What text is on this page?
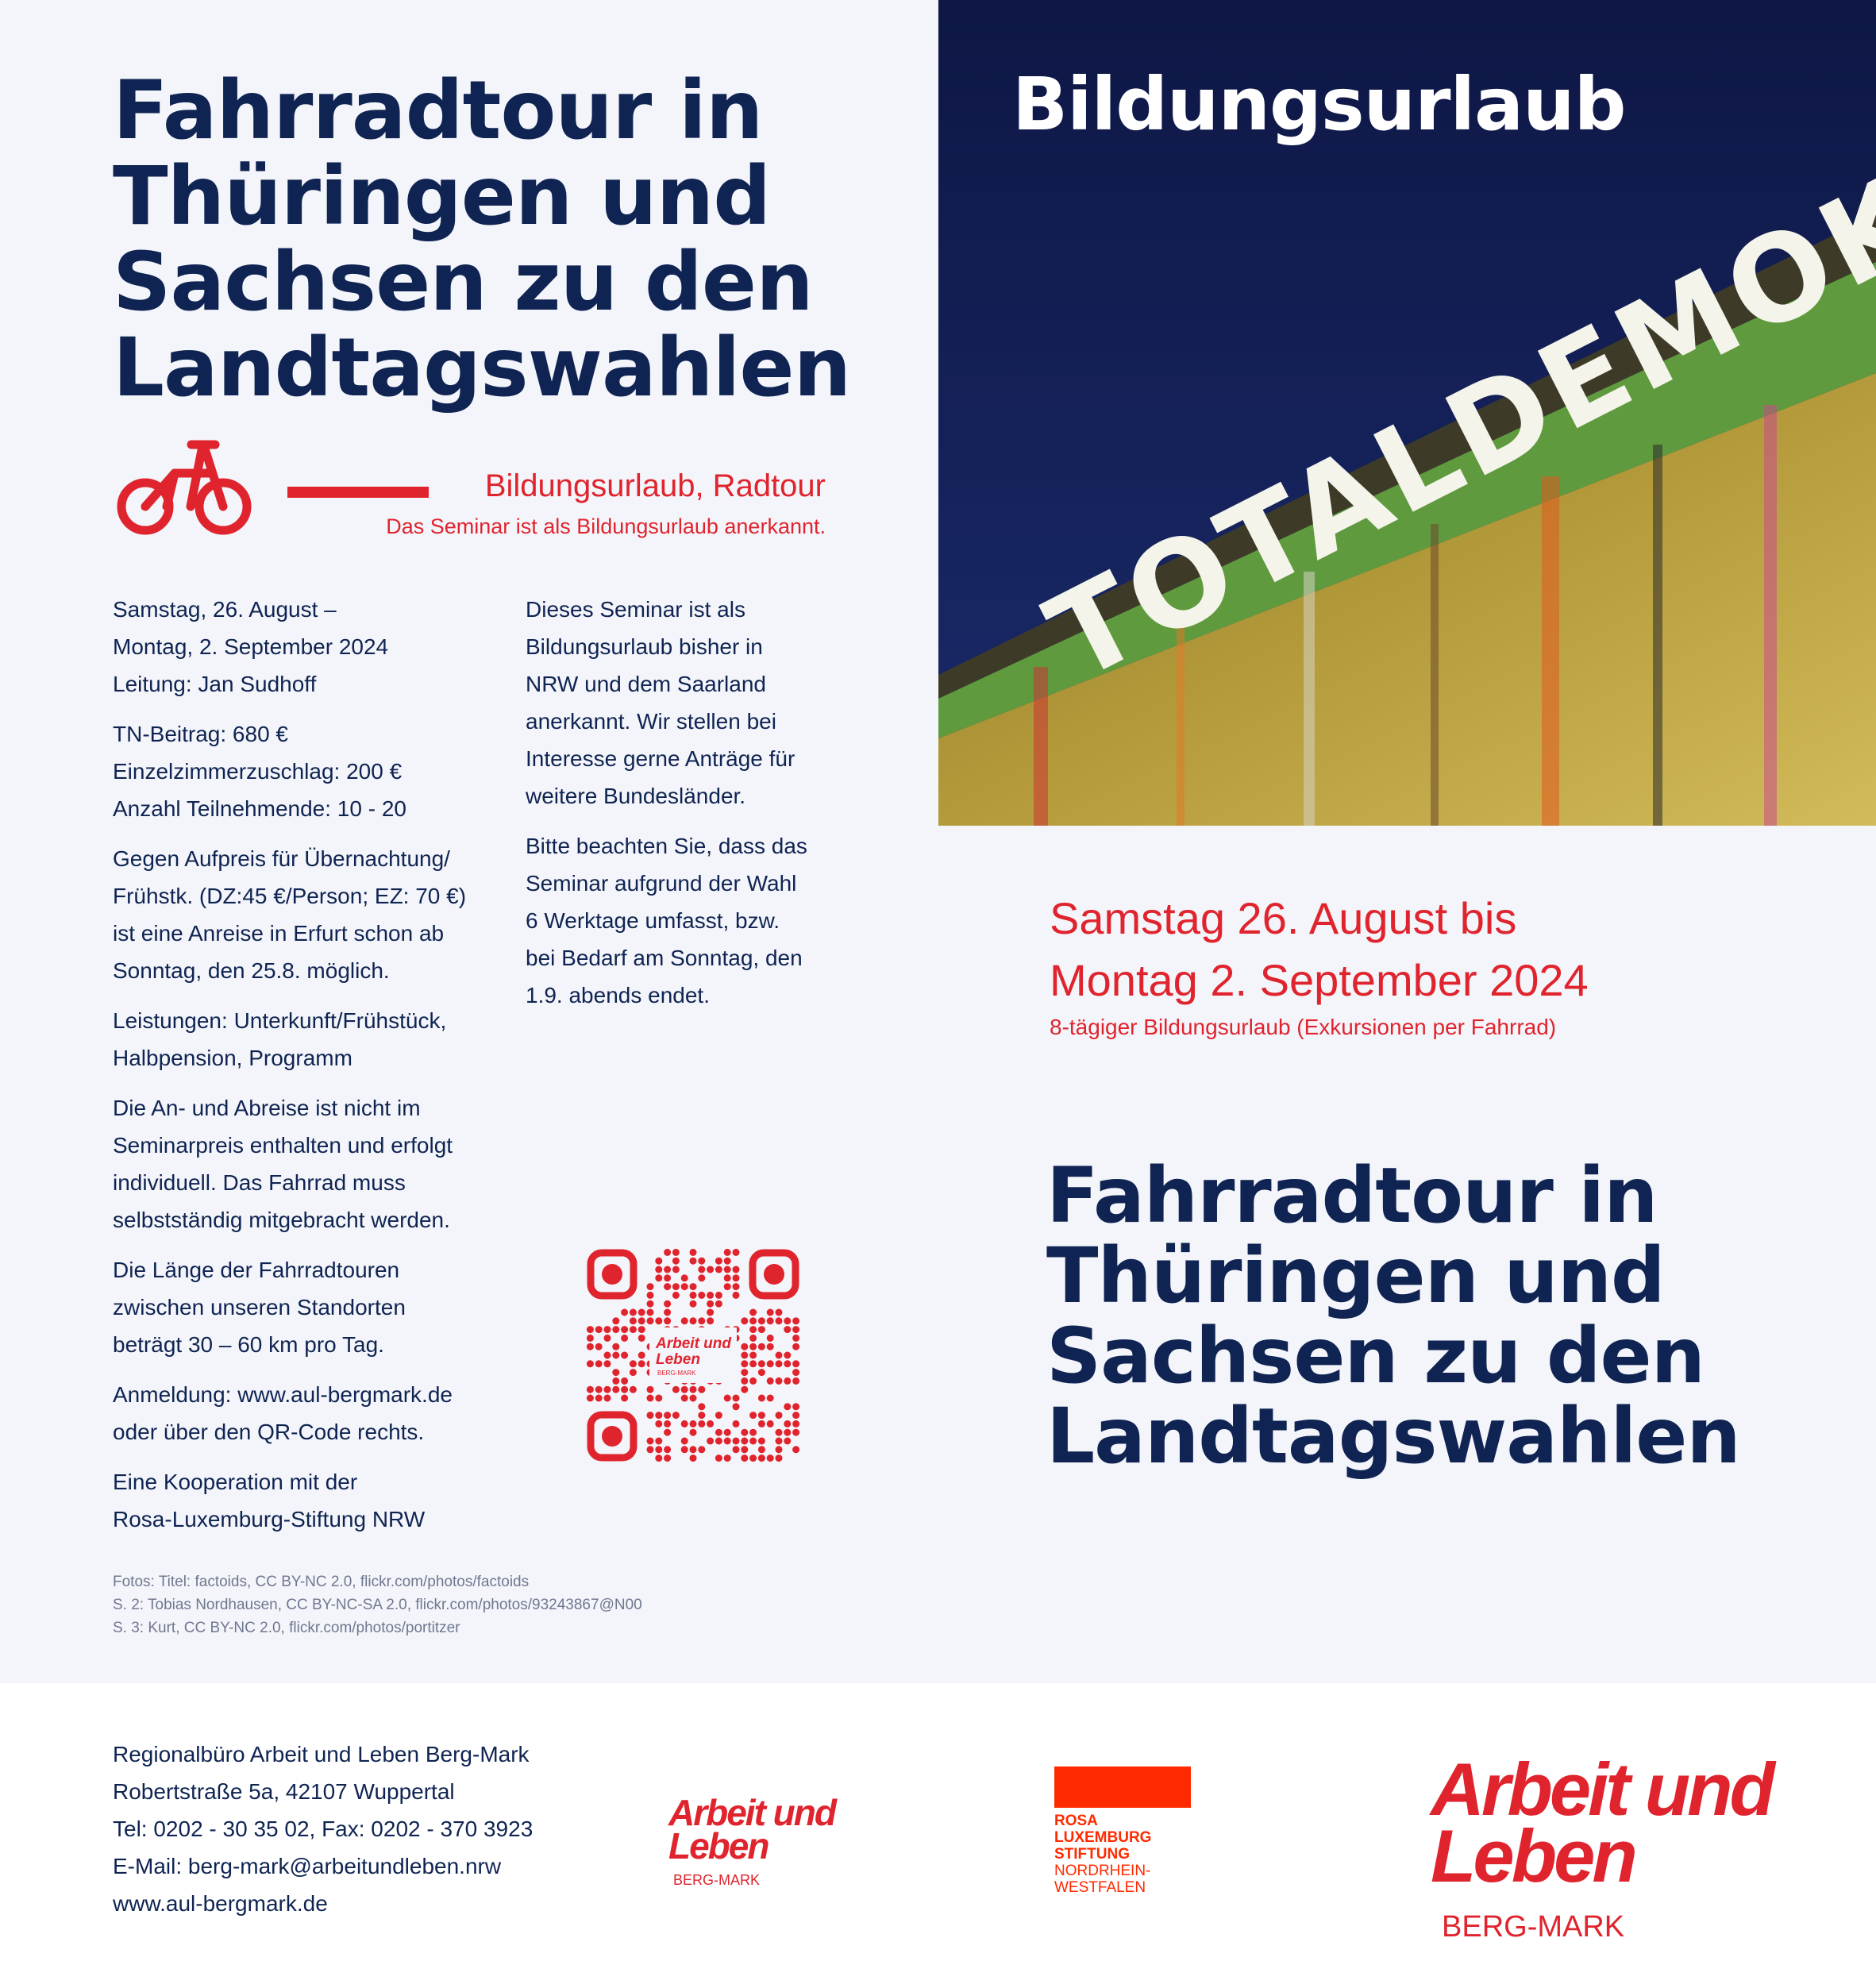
Fahrradtour in
Thüringen und
Sachsen zu den
Landtagswahlen
Bildungsurlaub, Radtour
Das Seminar ist als Bildungsurlaub anerkannt.

Samstag, 26. August –
Montag, 2. September 2024
Leitung: Jan Sudhoff

TN-Beitrag: 680 €
Einzelzimmerzuschlag: 200 €
Anzahl Teilnehmende: 10 - 20

Gegen Aufpreis für Übernachtung/
Frühstk. (DZ:45 €/Person; EZ: 70 €)
ist eine Anreise in Erfurt schon ab
Sonntag, den 25.8. möglich.

Leistungen: Unterkunft/Frühstück,
Halbpension, Programm

Die An- und Abreise ist nicht im
Seminarpreis enthalten und erfolgt
individuell. Das Fahrrad muss
selbstständig mitgebracht werden.

Die Länge der Fahrradtouren
zwischen unseren Standorten
beträgt 30 – 60 km pro Tag.

Anmeldung: www.aul-bergmark.de
oder über den QR-Code rechts.

Eine Kooperation mit der
Rosa-Luxemburg-Stiftung NRW

Dieses Seminar ist als
Bildungsurlaub bisher in
NRW und dem Saarland
anerkannt. Wir stellen bei
Interesse gerne Anträge für
weitere Bundesländer.

Bitte beachten Sie, dass das
Seminar aufgrund der Wahl
6 Werktage umfasst, bzw.
bei Bedarf am Sonntag, den
1.9. abends endet.

Arbeit und
Leben
BERG-MARK
Fotos: Titel: factoids, CC BY-NC 2.0, flickr.com/photos/factoids
S. 2: Tobias Nordhausen, CC BY-NC-SA 2.0, flickr.com/photos/93243867@N00
S. 3: Kurt, CC BY-NC 2.0, flickr.com/photos/portitzer
Bildungsurlaub
Samstag 26. August bis
Montag 2. September 2024
8-tägiger Bildungsurlaub (Exkursionen per Fahrrad)
Fahrradtour in
Thüringen und
Sachsen zu den
Landtagswahlen
Regionalbüro Arbeit und Leben Berg-Mark
Robertstraße 5a, 42107 Wuppertal
Tel: 0202 - 30 35 02, Fax: 0202 - 370 3923
E-Mail: berg-mark@arbeitundleben.nrw
www.aul-bergmark.de
Arbeit und
Leben
BERG-MARK
ROSA
LUXEMBURG
STIFTUNG
NORDRHEIN-
WESTFALEN
Arbeit und
Leben
BERG-MARK
